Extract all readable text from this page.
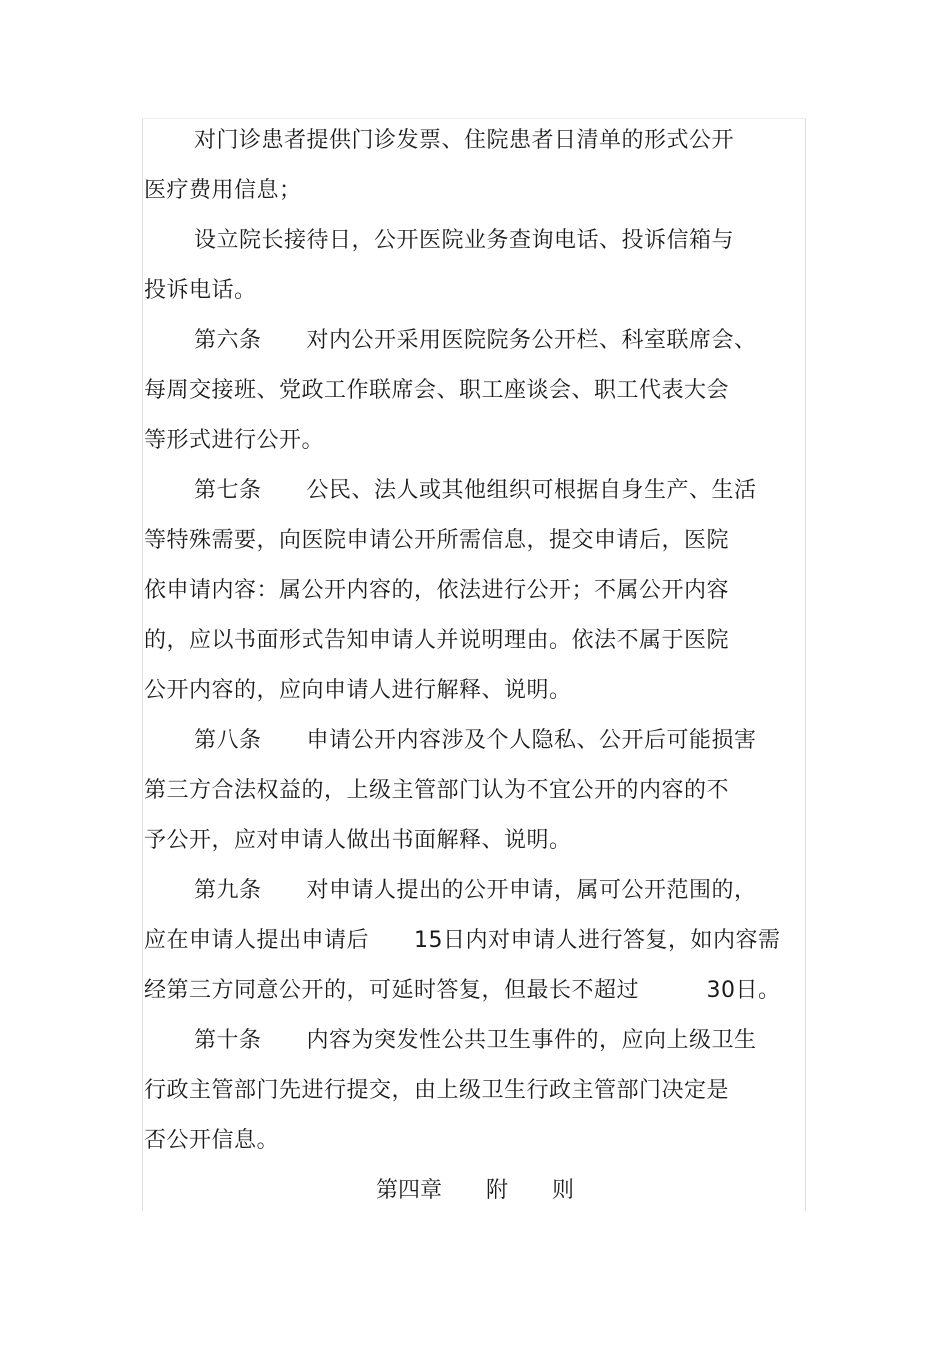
对门诊患者提供门诊发票、住院患者日清单的形式公开
医疗费用信息；
设立院长接待日，公开医院业务查询电话、投诉信箱与
投诉电话。
第六条　　对内公开采用医院院务公开栏、科室联席会、
每周交接班、党政工作联席会、职工座谈会、职工代表大会
等形式进行公开。
第七条　　公民、法人或其他组织可根据自身生产、生活
等特殊需要，向医院申请公开所需信息，提交申请后，医院
依申请内容：属公开内容的，依法进行公开；不属公开内容
的，应以书面形式告知申请人并说明理由。依法不属于医院
公开内容的，应向申请人进行解释、说明。
第八条　　申请公开内容涉及个人隐私、公开后可能损害
第三方合法权益的，上级主管部门认为不宜公开的内容的不
予公开，应对申请人做出书面解释、说明。
第九条　　对申请人提出的公开申请，属可公开范围的，
应在申请人提出申请后　　15日内对申请人进行答复，如内容需
经第三方同意公开的，可延时答复，但最长不超过　　　30日。
第十条　　内容为突发性公共卫生事件的，应向上级卫生
行政主管部门先进行提交，由上级卫生行政主管部门决定是
否公开信息。
第四章　　附　　则
